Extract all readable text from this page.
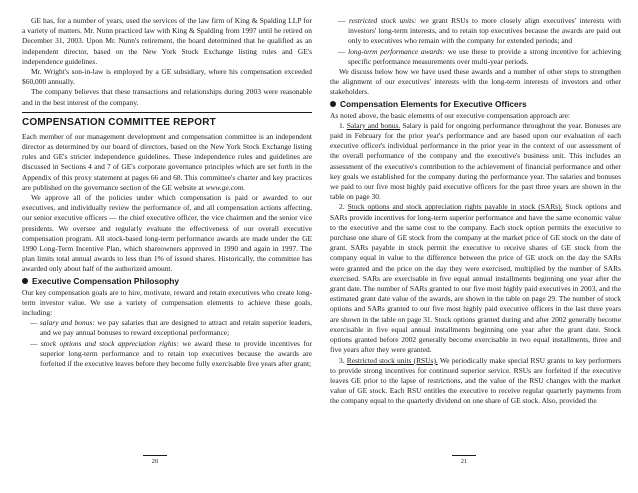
GE has, for a number of years, used the services of the law firm of King & Spalding LLP for a variety of matters. Mr. Nunn practiced law with King & Spalding from 1997 until he retired on December 31, 2003. Upon Mr. Nunn's retirement, the board determined that he qualified as an independent director, based on the New York Stock Exchange listing rules and GE's independence guidelines.

Mr. Wright's son-in-law is employed by a GE subsidiary, where his compensation exceeded $60,000 annually.

The company believes that these transactions and relationships during 2003 were reasonable and in the best interest of the company.

COMPENSATION COMMITTEE REPORT

Each member of our management development and compensation committee is an independent director as determined by our board of directors, based on the New York Stock Exchange listing rules and GE's stricter independence guidelines. These independence rules and guidelines are discussed in Sections 4 and 7 of GE's corporate governance principles which are set forth in the Appendix of this proxy statement at pages 66 and 68. This committee's charter and key practices are published on the governance section of the GE website at www.ge.com.

We approve all of the policies under which compensation is paid or awarded to our executives, and individually review the performance of, and all compensation actions affecting, our senior executive officers — the chief executive officer, the vice chairmen and the senior vice presidents. We oversee and regularly evaluate the effectiveness of our overall executive compensation program. All stock-based long-term performance awards are made under the GE 1990 Long-Term Incentive Plan, which shareowners approved in 1990 and again in 1997. The plan limits total annual awards to less than 1% of issued shares. Historically, the committee has awarded only about half of the authorized amount.

Executive Compensation Philosophy

Our key compensation goals are to hire, motivate, reward and retain executives who create long-term investor value. We use a variety of compensation elements to achieve these goals, including:

— salary and bonus: we pay salaries that are designed to attract and retain superior leaders, and we pay annual bonuses to reward exceptional performance;

— stock options and stock appreciation rights: we award these to provide incentives for superior long-term performance and to retain top executives because the awards are forfeited if the executive leaves before they become fully exercisable five years after grant;

20

— restricted stock units: we grant RSUs to more closely align executives' interests with investors' long-term interests, and to retain top executives because the awards are paid out only to executives who remain with the company for extended periods; and

— long-term performance awards: we use these to provide a strong incentive for achieving specific performance measurements over multi-year periods.

We discuss below how we have used these awards and a number of other steps to strengthen the alignment of our executives' interests with the long-term interests of investors and other stakeholders.

Compensation Elements for Executive Officers

As noted above, the basic elements of our executive compensation approach are:

1. Salary and bonus. Salary is paid for ongoing performance throughout the year. Bonuses are paid in February for the prior year's performance and are based upon our evaluation of each executive officer's individual performance in the prior year in the context of our assessment of the overall performance of the company and the executive's business unit. This includes an assessment of the executive's contribution to the achievement of financial performance and other key goals we established for the company during the performance year. The salaries and bonuses we paid to our five most highly paid executive officers for the past three years are shown in the table on page 30.

2. Stock options and stock appreciation rights payable in stock (SARs). Stock options and SARs provide incentives for long-term superior performance and have the same economic value to the executive and the same cost to the company. Each stock option permits the executive to purchase one share of GE stock from the company at the market price of GE stock on the date of grant. SARs payable in stock permit the executive to receive shares of GE stock from the company equal in value to the difference between the price of GE stock on the day the SARs were granted and the price on the day they were exercised, multiplied by the number of SARs exercised. SARs are exercisable in five equal annual installments beginning one year after the grant date. The number of SARs granted to our five most highly paid executives in 2003, and the estimated grant date value of the awards, are shown in the table on page 29. The number of stock options and SARs granted to our five most highly paid executive officers in the last three years are shown in the table on page 31. Stock options granted during and after 2002 generally become exercisable in five equal annual installments beginning one year after the grant date. Stock options granted before 2002 generally become exercisable in two equal installments, three and five years after they were granted.

3. Restricted stock units (RSUs). We periodically make special RSU grants to key performers to provide strong incentives for continued superior service. RSUs are forfeited if the executive leaves GE prior to the lapse of restrictions, and the value of the RSU changes with the market value of GE stock. Each RSU entitles the executive to receive regular quarterly payments from the company equal to the quarterly dividend on one share of GE stock. Also, provided the

21
